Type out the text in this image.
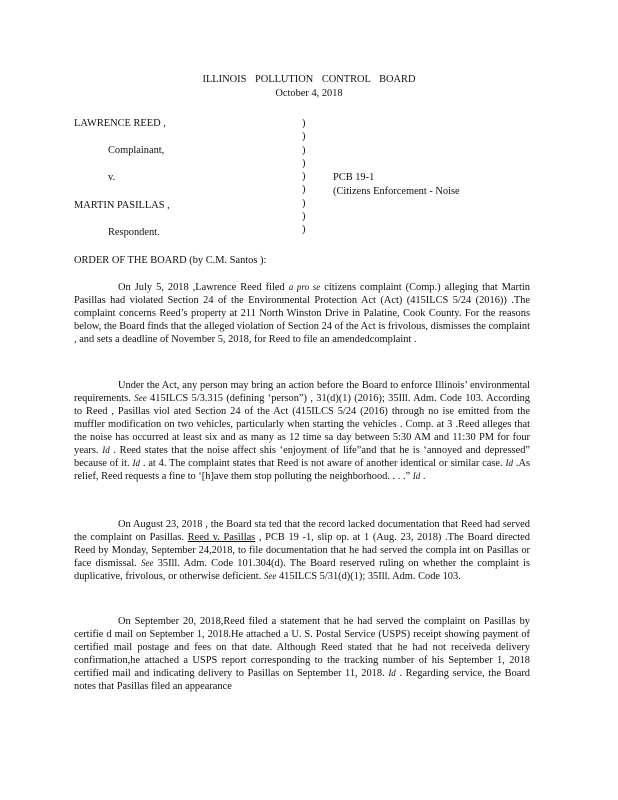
ILLINOIS POLLUTION CONTROL BOARD
October 4, 2018
LAWRENCE REED ,
Complainant,
v.
MARTIN PASILLAS ,
Respondent.
)
)
)
)
)
)
)
)
)
PCB 19-1
(Citizens Enforcement - Noise
ORDER OF THE BOARD (by C.M. Santos ):

On July 5, 2018 ,Lawrence Reed filed a pro se citizens complaint (Comp.) alleging that Martin Pasillas had violated Section 24 of the Environmental Protection Act (Act) (415ILCS 5/24 (2016)) .The complaint concerns Reed’s property at 211 North Winston Drive in Palatine, Cook County. For the reasons below, the Board finds that the alleged violation of Section 24 of the Act is frivolous, dismisses the complaint , and sets a deadline of November 5, 2018, for Reed to file an amendedcomplaint .

Under the Act, any person may bring an action before the Board to enforce Illinois’ environmental requirements. See 415ILCS 5/3.315 (defining ‘person”) , 31(d)(1) (2016); 35Ill. Adm. Code 103. According to Reed , Pasillas viol ated Section 24 of the Act (415ILCS 5/24 (2016) through no ise emitted from the muffler modification on two vehicles, particularly when starting the vehicles . Comp. at 3 .Reed alleges that the noise has occurred at least six and as many as 12 time sa day between 5:30 AM and 11:30 PM for four years. Id . Reed states that the noise affect shis ‘enjoyment of life”and that he is ‘annoyed and depressed” because of it. Id . at 4. The complaint states that Reed is not aware of another identical or similar case. Id .As relief, Reed requests a fine to ‘[h]ave them stop polluting the neighborhood. . . .” Id .

On August 23, 2018 , the Board sta ted that the record lacked documentation that Reed had served the complaint on Pasillas. Reed v. Pasillas , PCB 19 -1, slip op. at 1 (Aug. 23, 2018) .The Board directed Reed by Monday, September 24,2018, to file documentation that he had served the compla int on Pasillas or face dismissal. See 35Ill. Adm. Code 101.304(d). The Board reserved ruling on whether the complaint is duplicative, frivolous, or otherwise deficient. See 415ILCS 5/31(d)(1); 35Ill. Adm. Code 103.

On September 20, 2018,Reed filed a statement that he had served the complaint on Pasillas by certifie d mail on September 1, 2018.He attached a U. S. Postal Service (USPS) receipt showing payment of certified mail postage and fees on that date. Although Reed stated that he had not receiveda delivery confirmation,he attached a USPS report corresponding to the tracking number of his September 1, 2018 certified mail and indicating delivery to Pasillas on September 11, 2018. Id . Regarding service, the Board notes that Pasillas filed an appearance
